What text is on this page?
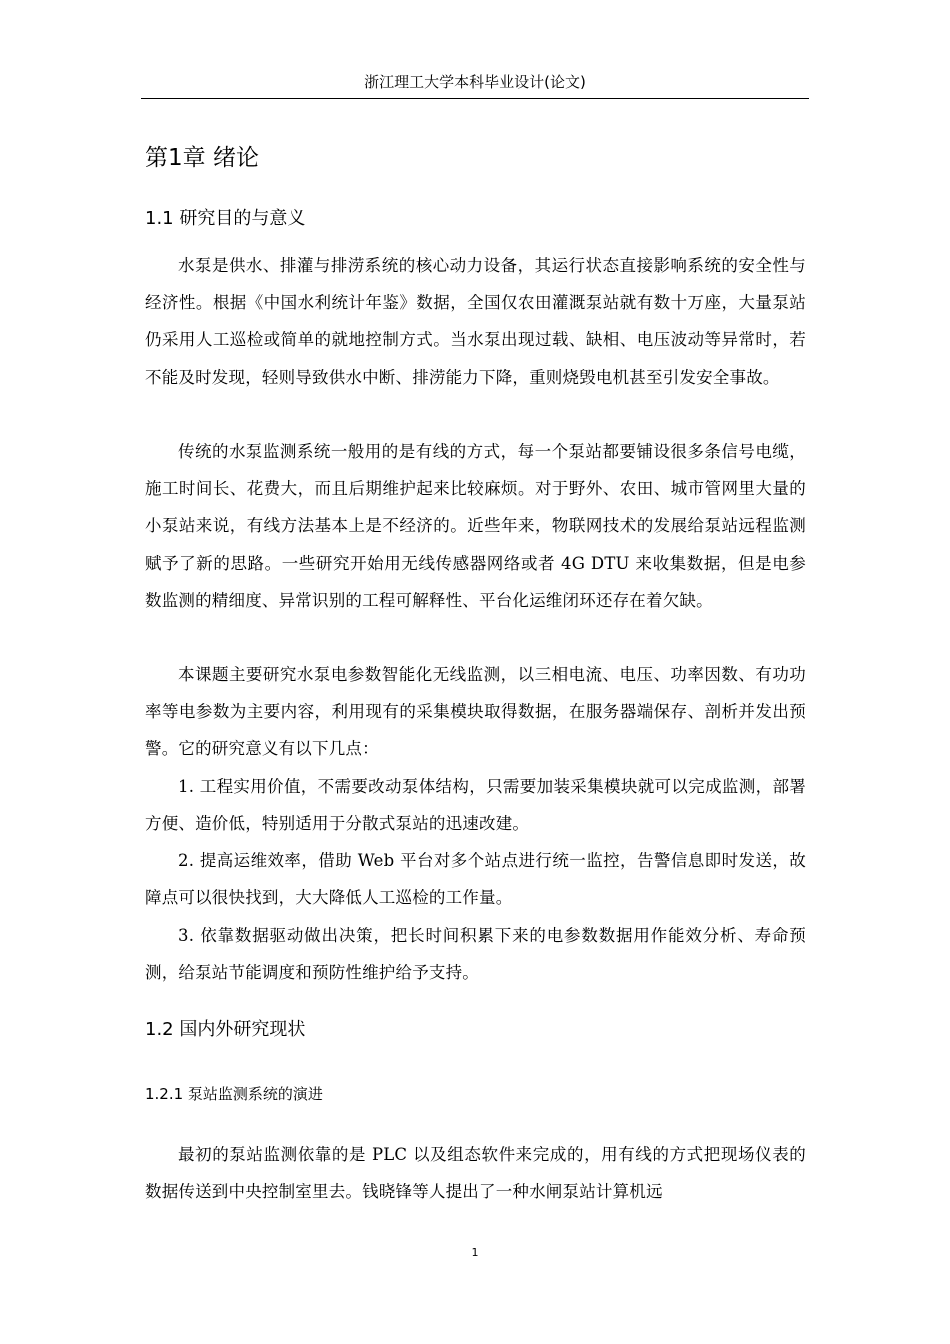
浙江理工大学本科毕业设计(论文)
第1章 绪论
1.1 研究目的与意义

水泵是供水、排灌与排涝系统的核心动力设备，其运行状态直接影响系统的安全性与经济性。根据《中国水利统计年鉴》数据，全国仅农田灌溉泵站就有数十万座，大量泵站仍采用人工巡检或简单的就地控制方式。当水泵出现过载、缺相、电压波动等异常时，若不能及时发现，轻则导致供水中断、排涝能力下降，重则烧毁电机甚至引发安全事故。

传统的水泵监测系统一般用的是有线的方式，每一个泵站都要铺设很多条信号电缆，施工时间长、花费大，而且后期维护起来比较麻烦。对于野外、农田、城市管网里大量的小泵站来说，有线方法基本上是不经济的。近些年来，物联网技术的发展给泵站远程监测赋予了新的思路。一些研究开始用无线传感器网络或者 4G DTU 来收集数据，但是电参数监测的精细度、异常识别的工程可解释性、平台化运维闭环还存在着欠缺。

本课题主要研究水泵电参数智能化无线监测，以三相电流、电压、功率因数、有功功率等电参数为主要内容，利用现有的采集模块取得数据，在服务器端保存、剖析并发出预警。它的研究意义有以下几点：

1. 工程实用价值，不需要改动泵体结构，只需要加装采集模块就可以完成监测，部署方便、造价低，特别适用于分散式泵站的迅速改建。

2. 提高运维效率，借助 Web 平台对多个站点进行统一监控，告警信息即时发送，故障点可以很快找到，大大降低人工巡检的工作量。

3. 依靠数据驱动做出决策，把长时间积累下来的电参数数据用作能效分析、寿命预测，给泵站节能调度和预防性维护给予支持。

1.2 国内外研究现状
1.2.1 泵站监测系统的演进

最初的泵站监测依靠的是 PLC 以及组态软件来完成的，用有线的方式把现场仪表的数据传送到中央控制室里去。钱晓锋等人提出了一种水闸泵站计算机远

1
